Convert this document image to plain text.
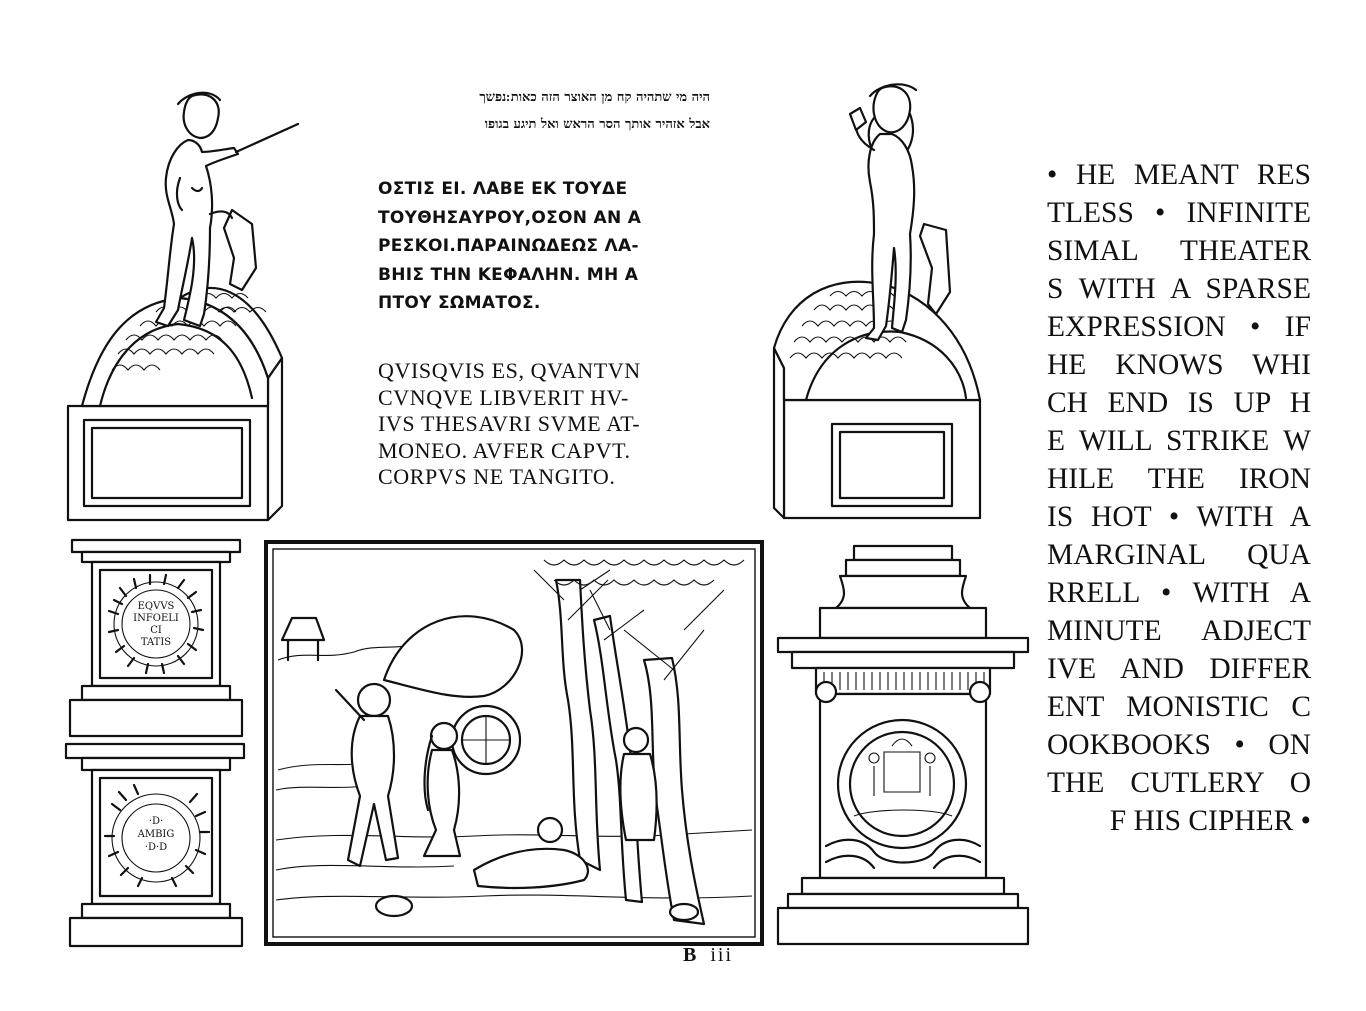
EQVVS
INFOELI
CI
TATIS
·D·
AMBIG
·D·D
היה מי שתהיה קח מן האוצר הזה כאות ׃נפשך
אבל אזהיר אותך הסר הראש ואל תיגע בגופו
ΟΣΤΙΣ ΕΙ. ΛΑΒΕ ΕΚ ΤΟΥΔΕ
ΤΟΥΘΗΣΑΥΡΟΥ,ΟΣΟΝ ΑΝ Α
ΡΕΣΚΟΙ.ΠΑΡΑΙΝΩΔΕΩΣ ΛΑ-
ΒΗΙΣ ΤΗΝ ΚΕΦΑΛΗΝ. ΜΗ Α
ΠΤΟΥ ΣΩΜΑΤΟΣ.
QVISQVIS ES, QVANTVN
CVNQVE LIBVERIT HV-
IVS THESAVRI SVME AT-
MONEO. AVFER CAPVT.
CORPVS NE TANGITO.
• HE MEANT RES
TLESS • INFINITE
SIMAL THEATER
S WITH A SPARSE
EXPRESSION • IF
HE KNOWS WHI
CH END IS UP H
E WILL STRIKE W
HILE THE IRON
IS HOT • WITH A
MARGINAL QUA
RRELL • WITH A
MINUTE ADJECT
IVE AND DIFFER
ENT MONISTIC C
OOKBOOKS • ON
THE CUTLERY O
F HIS CIPHER •
B iii
